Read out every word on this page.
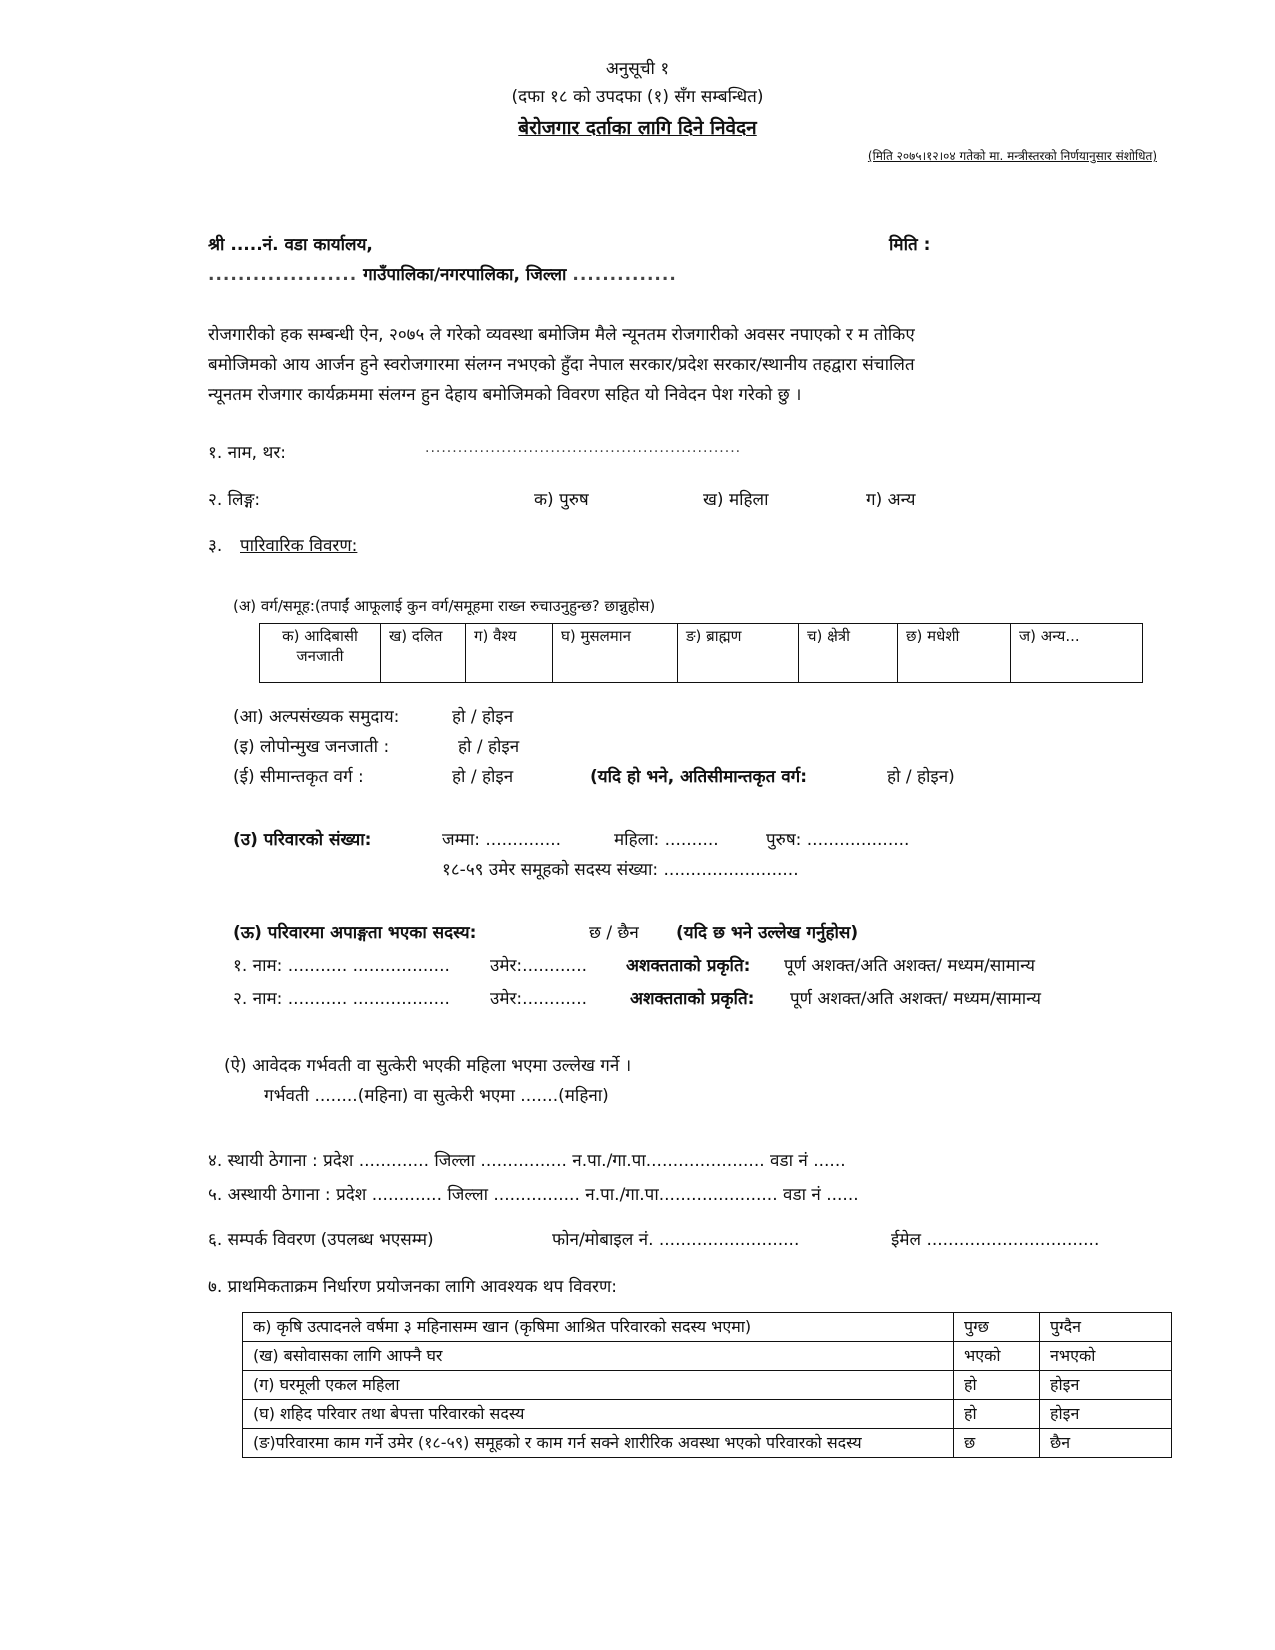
अनुसूची १
(दफा १८ को उपदफा (१) सँग सम्बन्धित)
बेरोजगार दर्ताका लागि दिने निवेदन
(मिति २०७५।१२।०४ गतेको मा. मन्त्रीस्तरको निर्णयानुसार संशोधित)
श्री .....नं. वडा कार्यालय,	मिति :
.................... गाउँपालिका/नगरपालिका, जिल्ला ..............
रोजगारीको हक सम्बन्धी ऐन, २०७५ ले गरेको व्यवस्था बमोजिम मैले न्यूनतम रोजगारीको अवसर नपाएको र म तोकिए
बमोजिमको आय आर्जन हुने स्वरोजगारमा संलग्न नभएको हुँदा नेपाल सरकार/प्रदेश सरकार/स्थानीय तहद्वारा संचालित
न्यूनतम रोजगार कार्यक्रममा संलग्न हुन देहाय बमोजिमको विवरण सहित यो निवेदन पेश गरेको छु ।
१. नाम, थर:	..........................................................
२. लिङ्ग:	क) पुरुष	ख) महिला	ग) अन्य
३. पारिवारिक विवरण:
(अ) वर्ग/समूह:(तपाईं आफूलाई कुन वर्ग/समूहमा राख्न रुचाउनुहुन्छ? छान्नुहोस)
क) आदिबासी जनजाती	ख) दलित	ग) वैश्य	घ) मुसलमान	ङ) ब्राह्मण	च) क्षेत्री	छ) मधेशी	ज) अन्य...
(आ) अल्पसंख्यक समुदाय:	हो / होइन
(इ) लोपोन्मुख जनजाती :	हो / होइन
(ई) सीमान्तकृत वर्ग :	हो / होइन	(यदि हो भने, अतिसीमान्तकृत वर्ग:	हो / होइन)
(उ) परिवारको संख्या:	जम्मा: ..............	महिला: ..........	पुरुष: ...................
१८-५९ उमेर समूहको सदस्य संख्या: .........................
(ऊ) परिवारमा अपाङ्गता भएका सदस्य:	छ / छैन (यदि छ भने उल्लेख गर्नुहोस)
१. नाम: ........... .................. उमेर:............ अशक्तताको प्रकृति: पूर्ण अशक्त/अति अशक्त/ मध्यम/सामान्य
२. नाम: ........... .................. उमेर:............	अशक्तताको प्रकृति: पूर्ण अशक्त/अति अशक्त/ मध्यम/सामान्य
(ऐ) आवेदक गर्भवती वा सुत्केरी भएकी महिला भएमा उल्लेख गर्ने ।
गर्भवती ........(महिना) वा सुत्केरी भएमा .......(महिना)
४. स्थायी ठेगाना : प्रदेश ............. जिल्ला ................ न.पा./गा.पा...................... वडा नं ......
५. अस्थायी ठेगाना : प्रदेश ............. जिल्ला ................ न.पा./गा.पा...................... वडा नं ......
६. सम्पर्क विवरण (उपलब्ध भएसम्म)	फोन/मोबाइल नं. ..........................	ईमेल ................................
७. प्राथमिकताक्रम निर्धारण प्रयोजनका लागि आवश्यक थप विवरण:
क) कृषि उत्पादनले वर्षमा ३ महिनासम्म खान (कृषिमा आश्रित परिवारको सदस्य भएमा)	पुग्छ	पुग्दैन
(ख) बसोवासका लागि आफ्नै घर	भएको	नभएको
(ग) घरमूली एकल महिला	हो	होइन
(घ) शहिद परिवार तथा बेपत्ता परिवारको सदस्य	हो	होइन
(ङ)परिवारमा काम गर्ने उमेर (१८-५९) समूहको र काम गर्न सक्ने शारीरिक अवस्था भएको परिवारको सदस्य	छ	छैन
